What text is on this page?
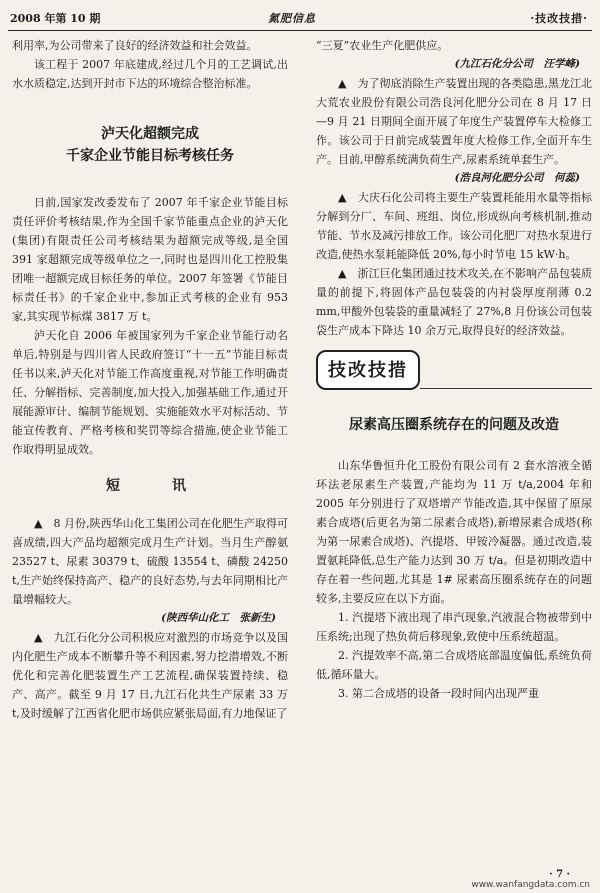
2008 年第 10 期	氮肥信息	·技改技措·

利用率,为公司带来了良好的经济效益和社会效益。

该工程于 2007 年底建成,经过几个月的工艺调试,出水水质稳定,达到开封市下达的环境综合整治标准。

泸天化超额完成
千家企业节能目标考核任务

日前,国家发改委发布了 2007 年千家企业节能目标责任评价考核结果,作为全国千家节能重点企业的泸天化(集团)有限责任公司考核结果为超额完成等级,是全国 391 家超额完成等级单位之一,同时也是四川化工控股集团唯一超额完成目标任务的单位。2007 年签署《节能目标责任书》的千家企业中,参加正式考核的企业有 953 家,其实现节标煤 3817 万 t。

泸天化自 2006 年被国家列为千家企业节能行动名单后,特别是与四川省人民政府签订“十一五”节能目标责任书以来,泸天化对节能工作高度重视,对节能工作明确责任、分解指标、完善制度,加大投入,加强基础工作,通过开展能源审计、编制节能规划、实施能效水平对标活动、节能宣传教育、严格考核和奖罚等综合措施,使企业节能工作取得明显成效。

短　　讯

▲　8 月份,陕西华山化工集团公司在化肥生产取得可喜成绩,四大产品均超额完成月生产计划。当月生产醇氨 23527 t、尿素 30379 t、硫酸 13554 t、磷酸 24250 t,生产始终保持高产、稳产的良好态势,与去年同期相比产量增幅较大。

(陕西华山化工　张新生)

▲　九江石化分公司积极应对激烈的市场竞争以及国内化肥生产成本不断攀升等不利因素,努力挖潜增效,不断优化和完善化肥装置生产工艺流程,确保装置持续、稳产、高产。截至 9 月 17 日,九江石化共生产尿素 33 万 t,及时缓解了江西省化肥市场供应紧张局面,有力地保证了

“三夏”农业生产化肥供应。

(九江石化分公司　汪学峰)

▲　为了彻底消除生产装置出现的各类隐患,黑龙江北大荒农业股份有限公司浩良河化肥分公司在 8 月 17 日—9 月 21 日期间全面开展了年度生产装置停车大检修工作。该公司于日前完成装置年度大检修工作,全面开车生产。目前,甲醇系统满负荷生产,尿素系统单套生产。

(浩良河化肥分公司　何蕊)

▲　大庆石化公司将主要生产装置耗能用水量等指标分解到分厂、车间、班组、岗位,形成纵向考核机制,推动节能、节水及减污排放工作。该公司化肥厂对热水泵进行改造,使热水泵耗能降低 20%,每小时节电 15 kW·h。

▲　浙江巨化集团通过技术攻关,在不影响产品包装质量的前提下,将固体产品包装袋的内衬袋厚度削薄 0.2 mm,甲酸外包装袋的重量减轻了 27%,8 月份该公司包装袋生产成本下降达 10 余万元,取得良好的经济效益。

技改技措
尿素高压圈系统存在的问题及改造

山东华鲁恒升化工股份有限公司有 2 套水溶液全循环法老尿素生产装置,产能均为 11 万 t/a,2004 年和 2005 年分别进行了双塔增产节能改造,其中保留了原尿素合成塔(后更名为第二尿素合成塔),新增尿素合成塔(称为第一尿素合成塔)、汽提塔、甲铵冷凝器。通过改造,装置氨耗降低,总生产能力达到 30 万 t/a。但是初期改造中存在着一些问题,尤其是 1# 尿素高压圈系统存在的问题较多,主要反应在以下方面。

1. 汽提塔下液出现了串汽现象,汽液混合物被带到中压系统;出现了热负荷后移现象,致使中压系统超温。

2. 汽提效率不高,第二合成塔底部温度偏低,系统负荷低,循环量大。

3. 第二合成塔的设备一段时间内出现严重

· 7 ·
www.wanfangdata.com.cn
